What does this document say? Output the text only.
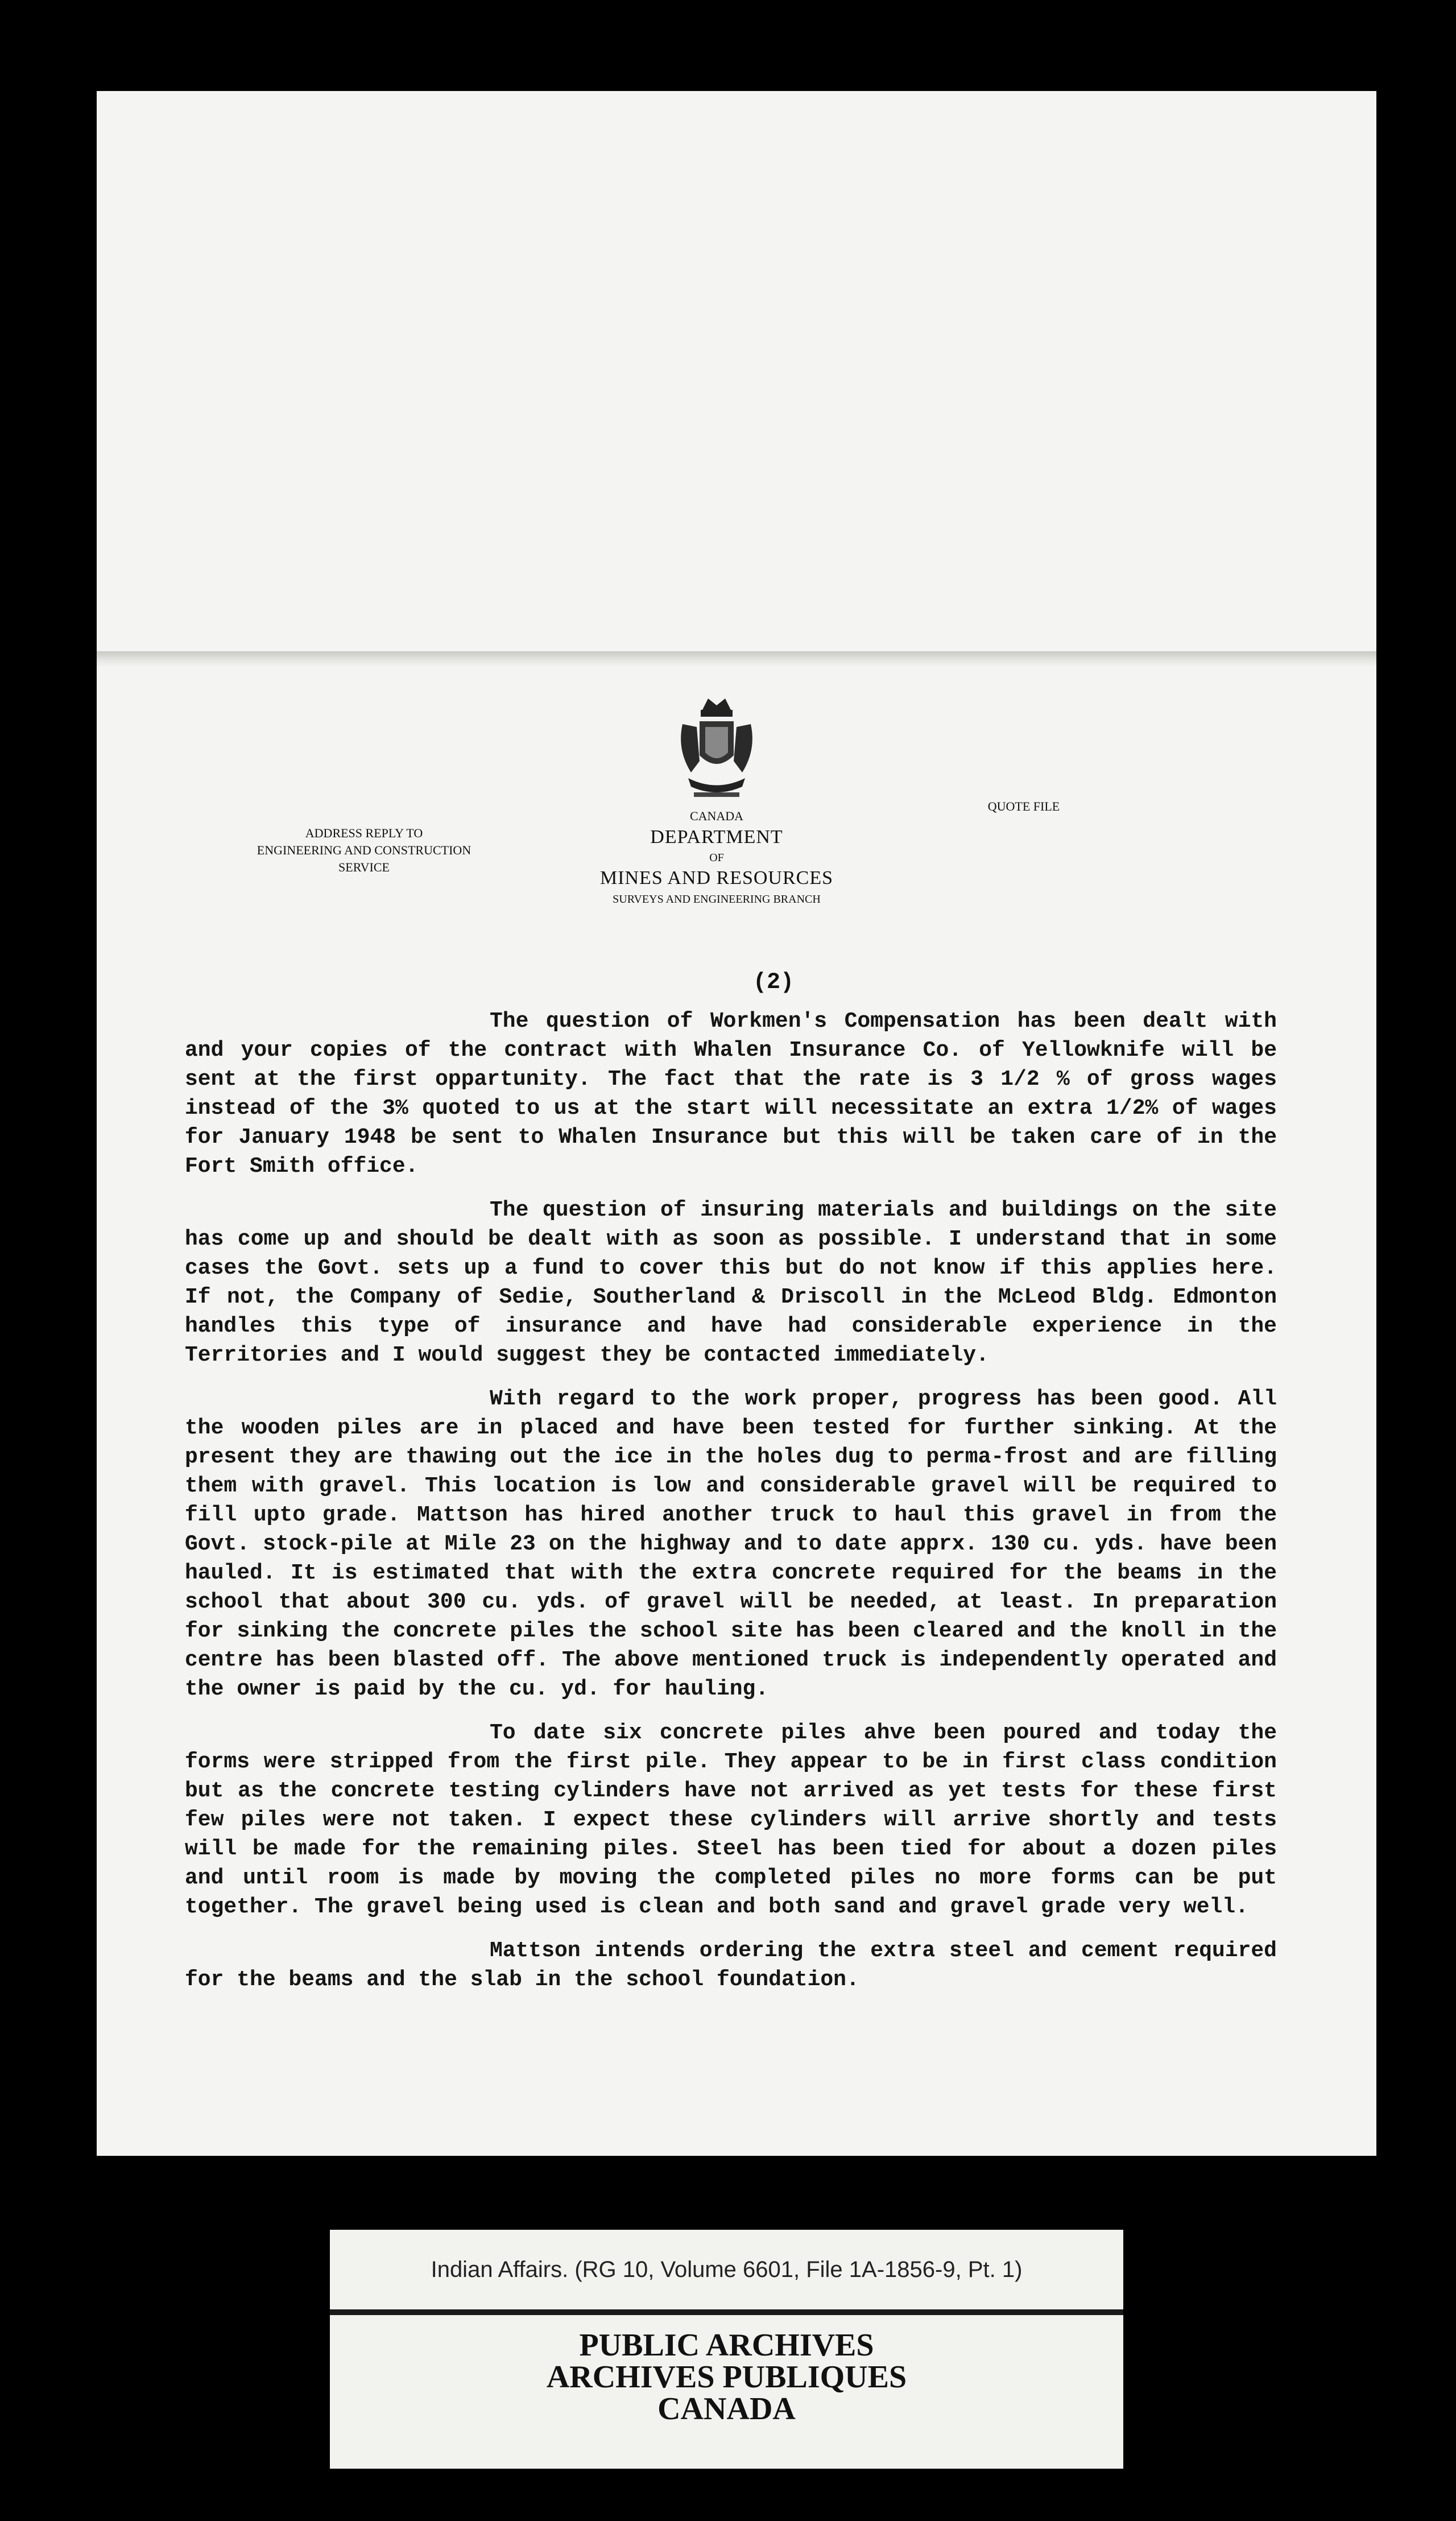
ADDRESS REPLY TO
ENGINEERING AND CONSTRUCTION
SERVICE
CANADA
DEPARTMENT
OF
MINES AND RESOURCES
SURVEYS AND ENGINEERING BRANCH
QUOTE FILE
(2)

The question of Workmen's Compensation has been dealt with and your copies of the contract with Whalen Insurance Co. of Yellowknife will be sent at the first oppartunity. The fact that the rate is 3 1/2 % of gross wages instead of the 3% quoted to us at the start will necessitate an extra 1/2% of wages for January 1948 be sent to Whalen Insurance but this will be taken care of in the Fort Smith office.

The question of insuring materials and buildings on the site has come up and should be dealt with as soon as possible. I understand that in some cases the Govt. sets up a fund to cover this but do not know if this applies here. If not, the Company of Sedie, Southerland & Driscoll in the McLeod Bldg. Edmonton handles this type of insurance and have had considerable experience in the Territories and I would suggest they be contacted immediately.

With regard to the work proper, progress has been good. All the wooden piles are in placed and have been tested for further sinking. At the present they are thawing out the ice in the holes dug to perma-frost and are filling them with gravel. This location is low and considerable gravel will be required to fill upto grade. Mattson has hired another truck to haul this gravel in from the Govt. stock-pile at Mile 23 on the highway and to date apprx. 130 cu. yds. have been hauled. It is estimated that with the extra concrete required for the beams in the school that about 300 cu. yds. of gravel will be needed, at least. In preparation for sinking the concrete piles the school site has been cleared and the knoll in the centre has been blasted off. The above mentioned truck is independently operated and the owner is paid by the cu. yd. for hauling.

To date six concrete piles ahve been poured and today the forms were stripped from the first pile. They appear to be in first class condition but as the concrete testing cylinders have not arrived as yet tests for these first few piles were not taken. I expect these cylinders will arrive shortly and tests will be made for the remaining piles. Steel has been tied for about a dozen piles and until room is made by moving the completed piles no more forms can be put together. The gravel being used is clean and both sand and gravel grade very well.

Mattson intends ordering the extra steel and cement required for the beams and the slab in the school foundation.

Indian Affairs. (RG 10, Volume 6601, File 1A-1856-9, Pt. 1)
PUBLIC ARCHIVES
ARCHIVES PUBLIQUES
CANADA
